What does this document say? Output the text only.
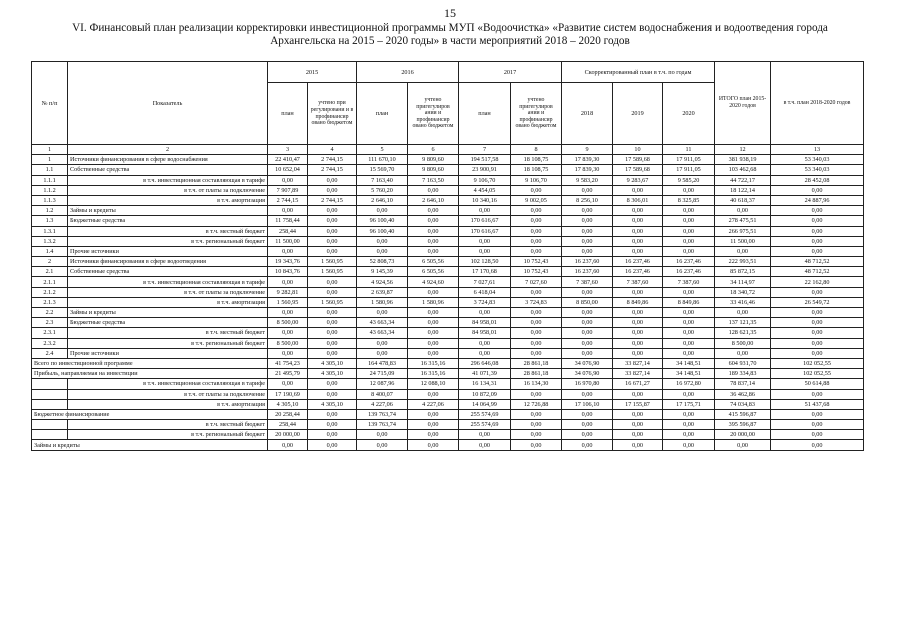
15
VI. Финансовый план реализации корректировки инвестиционной программы МУП «Водоочистка» «Развитие систем водоснабжения и водоотведения города
Архангельска на 2015 – 2020 годы» в части мероприятий 2018 – 2020 годов
№ п/п	Показатель	2015		2016		2017		Скорректированный план в т.ч. по годам			ИТОГО план 2015-2020 годов	в т.ч. план 2018-2020 годов
		план	учтено при регулировани и в профинансир овано бюджетом	план	учтено пригегулиров ании и профинансир овано бюджетом	план	учтено пригегулиров ании и профинансир овано бюджетом	2018	2019	2020		
1	2	3	4	5	6	7	8	9	10	11	12	13
1	Источники финансирования в сфере водоснабжения	22 410,47	2 744,15	111 670,10	9 809,60	194 517,58	18 108,75	17 839,30	17 589,68	17 911,05	381 938,19	53 340,03
1.1	Собственные средства	10 652,04	2 744,15	15 569,70	9 809,60	23 900,91	18 108,75	17 839,30	17 589,68	17 911,05	103 462,68	53 340,03
1.1.1	в т.ч. инвестиционная составляющая в тарифе	0,00	0,00	7 163,40	7 163,50	9 106,70	9 106,70	9 583,20	9 283,67	9 585,20	44 722,17	28 452,08
1.1.2	в т.ч. от платы за подключение	7 907,89	0,00	5 760,20	0,00	4 454,05	0,00	0,00	0,00	0,00	18 122,14	0,00
1.1.3	в т.ч. амортизация	2 744,15	2 744,15	2 646,10	2 646,10	10 340,16	9 002,05	8 256,10	8 306,01	8 325,85	40 618,37	24 887,96
1.2	Займы и кредиты	0,00	0,00	0,00	0,00	0,00	0,00	0,00	0,00	0,00	0,00	0,00
1.3	Бюджетные средства	11 758,44	0,00	96 100,40	0,00	170 616,67	0,00	0,00	0,00	0,00	278 475,51	0,00
1.3.1	в т.ч. местный бюджет	258,44	0,00	96 100,40	0,00	170 616,67	0,00	0,00	0,00	0,00	266 975,51	0,00
1.3.2	в т.ч. региональный бюджет	11 500,00	0,00	0,00	0,00	0,00	0,00	0,00	0,00	0,00	11 500,00	0,00
1.4	Прочие источники	0,00	0,00	0,00	0,00	0,00	0,00	0,00	0,00	0,00	0,00	0,00
2	Источники финансирования в сфере водоотведения	19 343,76	1 560,95	52 808,73	6 505,56	102 128,50	10 752,43	16 237,60	16 237,46	16 237,46	222 993,51	48 712,52
2.1	Собственные средства	10 843,76	1 560,95	9 145,39	6 505,56	17 170,68	10 752,43	16 237,60	16 237,46	16 237,46	85 872,15	48 712,52
2.1.1	в т.ч. инвестиционная составляющая в тарифе	0,00	0,00	4 924,56	4 924,60	7 027,61	7 027,60	7 387,60	7 387,60	7 387,60	34 114,97	22 162,80
2.1.2	в т.ч. от платы за подключение	9 282,81	0,00	2 639,87	0,00	6 418,04	0,00	0,00	0,00	0,00	18 340,72	0,00
2.1.3	в т.ч. амортизация	1 560,95	1 560,95	1 580,96	1 580,96	3 724,83	3 724,83	8 850,00	8 849,86	8 849,86	33 416,46	26 549,72
2.2	Займы и кредиты	0,00	0,00	0,00	0,00	0,00	0,00	0,00	0,00	0,00	0,00	0,00
2.3	Бюджетные средства	8 500,00	0,00	43 663,34	0,00	84 958,01	0,00	0,00	0,00	0,00	137 121,35	0,00
2.3.1	в т.ч. местный бюджет	0,00	0,00	43 663,34	0,00	84 958,01	0,00	0,00	0,00	0,00	128 621,35	0,00
2.3.2	в т.ч. региональный бюджет	8 500,00	0,00	0,00	0,00	0,00	0,00	0,00	0,00	0,00	8 500,00	0,00
2.4	Прочие источники	0,00	0,00	0,00	0,00	0,00	0,00	0,00	0,00	0,00	0,00	0,00
Всего по инвестиционной программе		41 754,23	4 305,10	164 478,83	16 315,16	296 646,08	28 861,18	34 076,90	33 827,14	34 148,51	604 931,70	102 052,55
Прибыль, направляемая на инвестиции		21 495,79	4 305,10	24 715,09	16 315,16	41 071,39	28 861,18	34 076,90	33 827,14	34 148,51	189 334,83	102 052,55
	в т.ч. инвестиционная составляющая в тарифе	0,00	0,00	12 087,96	12 088,10	16 134,31	16 134,30	16 970,80	16 671,27	16 972,80	78 837,14	50 614,88
	в т.ч. от платы за подключение	17 190,69	0,00	8 400,07	0,00	10 872,09	0,00	0,00	0,00	0,00	36 462,86	0,00
	в т.ч. амортизация	4 305,10	4 305,10	4 227,06	4 227,06	14 064,99	12 726,88	17 106,10	17 155,87	17 175,71	74 034,83	51 437,68
Бюджетное финансирование		20 258,44	0,00	139 763,74	0,00	255 574,69	0,00	0,00	0,00	0,00	415 596,87	0,00
	в т.ч. местный бюджет	258,44	0,00	139 763,74	0,00	255 574,69	0,00	0,00	0,00	0,00	395 596,87	0,00
	в т.ч. региональный бюджет	20 000,00	0,00	0,00	0,00	0,00	0,00	0,00	0,00	0,00	20 000,00	0,00
Займы и кредиты		0,00	0,00	0,00	0,00	0,00	0,00	0,00	0,00	0,00	0,00	0,00
